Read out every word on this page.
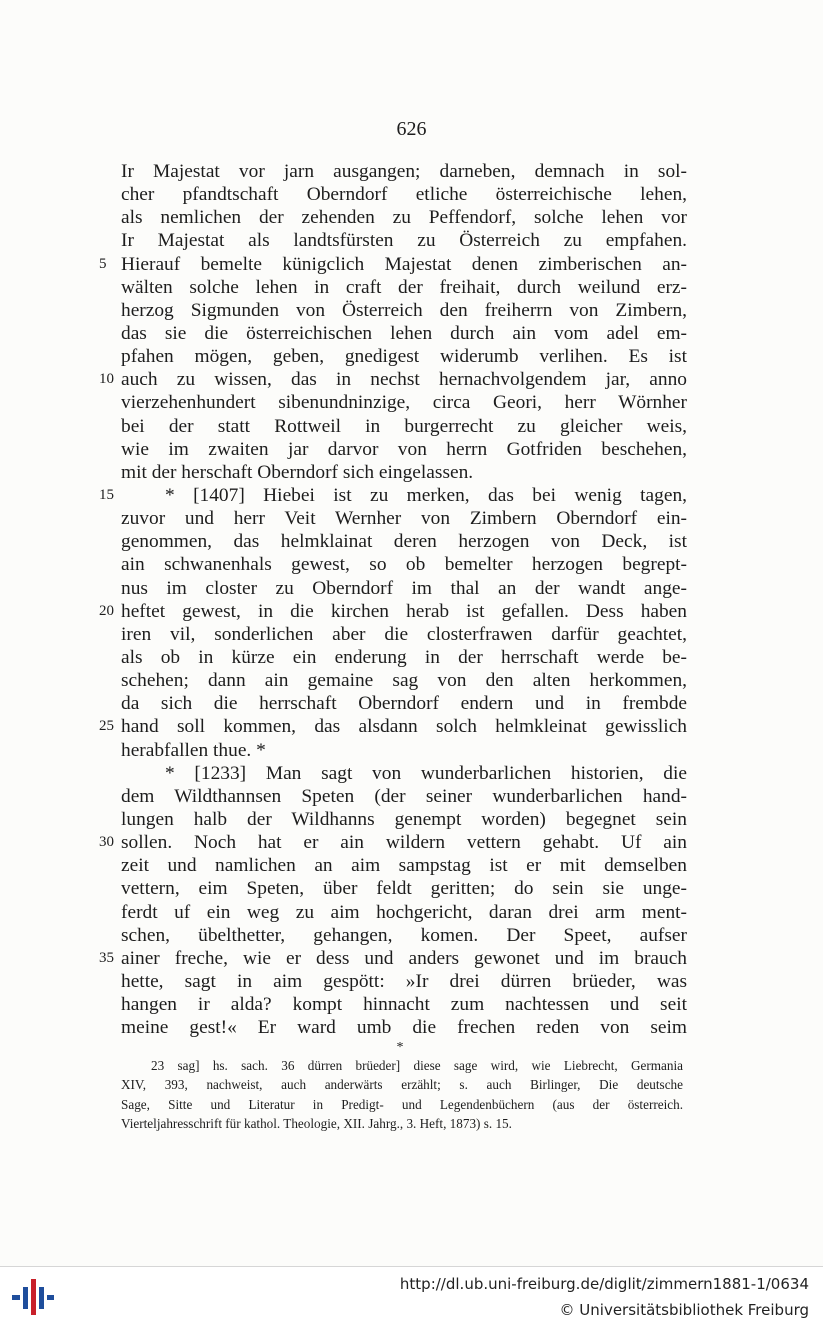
626
Ir Majestat vor jarn ausgangen; darneben, demnach in sol-
cher pfandtschaft Oberndorf etliche österreichische lehen,
als nemlichen der zehenden zu Peffendorf, solche lehen vor
Ir Majestat als landtsfürsten zu Österreich zu empfahen.
5 Hierauf bemelte künigclich Majestat denen zimberischen an-
wälten solche lehen in craft der freihait, durch weilund erz-
herzog Sigmunden von Österreich den freiherrn von Zimbern,
das sie die österreichischen lehen durch ain vom adel em-
pfahen mögen, geben, gnedigest widerumb verlihen. Es ist
10 auch zu wissen, das in nechst hernachvolgendem jar, anno
vierzehenhundert sibenundninzige, circa Geori, herr Wörnher
bei der statt Rottweil in burgerrecht zu gleicher weis,
wie im zwaiten jar darvor von herrn Gotfriden beschehen,
mit der herschaft Oberndorf sich eingelassen.
15	* [1407] Hiebei ist zu merken, das bei wenig tagen,
zuvor und herr Veit Wernher von Zimbern Oberndorf ein-
genommen, das helmklainat deren herzogen von Deck, ist
ain schwanenhals gewest, so ob bemelter herzogen begrept-
nus im closter zu Oberndorf im thal an der wandt ange-
20 heftet gewest, in die kirchen herab ist gefallen. Dess haben
iren vil, sonderlichen aber die closterfrawen darfür geachtet,
als ob in kürze ein enderung in der herrschaft werde be-
schehen; dann ain gemaine sag von den alten herkommen,
da sich die herrschaft Oberndorf endern und in frembde
25 hand soll kommen, das alsdann solch helmkleinat gewisslich
herabfallen thue. *
* [1233] Man sagt von wunderbarlichen historien, die
dem Wildthannsen Speten (der seiner wunderbarlichen hand-
lungen halb der Wildhanns genempt worden) begegnet sein
30 sollen. Noch hat er ain wildern vettern gehabt. Uf ain
zeit und namlichen an aim sampstag ist er mit demselben
vettern, eim Speten, über feldt geritten; do sein sie unge-
ferdt uf ein weg zu aim hochgericht, daran drei arm ment-
schen, übelthetter, gehangen, komen. Der Speet, aufser
35 ainer freche, wie er dess und anders gewonet und im brauch
hette, sagt in aim gespött: »Ir drei dürren brüeder, was
hangen ir alda? kompt hinnacht zum nachtessen und seit
meine gest!« Er ward umb die frechen reden von seim
*
23 sag] hs. sach. 36 dürren brüeder] diese sage wird, wie Liebrecht, Germania
XIV, 393, nachweist, auch anderwärts erzählt; s. auch Birlinger, Die deutsche
Sage, Sitte und Literatur in Predigt- und Legendenbüchern (aus der österreich.
Vierteljahresschrift für kathol. Theologie, XII. Jahrg., 3. Heft, 1873) s. 15.
http://dl.ub.uni-freiburg.de/diglit/zimmern1881-1/0634
© Universitätsbibliothek Freiburg
